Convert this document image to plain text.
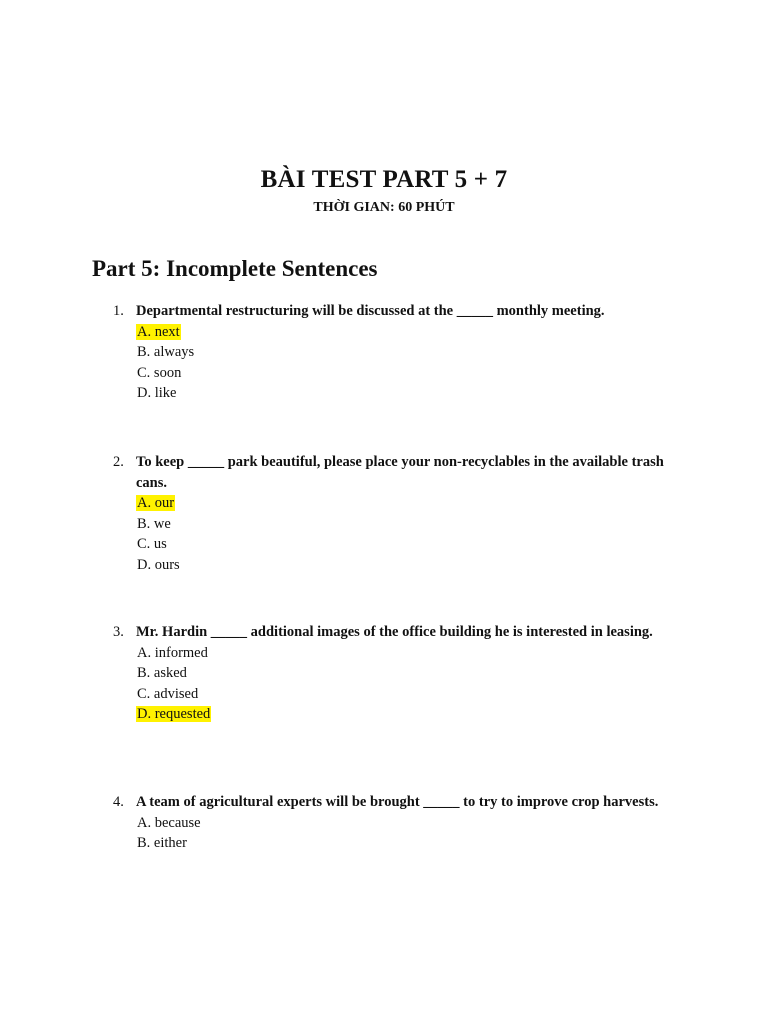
BÀI TEST PART 5 + 7
THỜI GIAN: 60 PHÚT
Part 5: Incomplete Sentences
1. Departmental restructuring will be discussed at the _____ monthly meeting.
A. next
B. always
C. soon
D. like
2. To keep _____ park beautiful, please place your non-recyclables in the available trash cans.
A. our
B. we
C. us
D. ours
3. Mr. Hardin _____ additional images of the office building he is interested in leasing.
A. informed
B. asked
C. advised
D. requested
4. A team of agricultural experts will be brought _____ to try to improve crop harvests.
A. because
B. either
